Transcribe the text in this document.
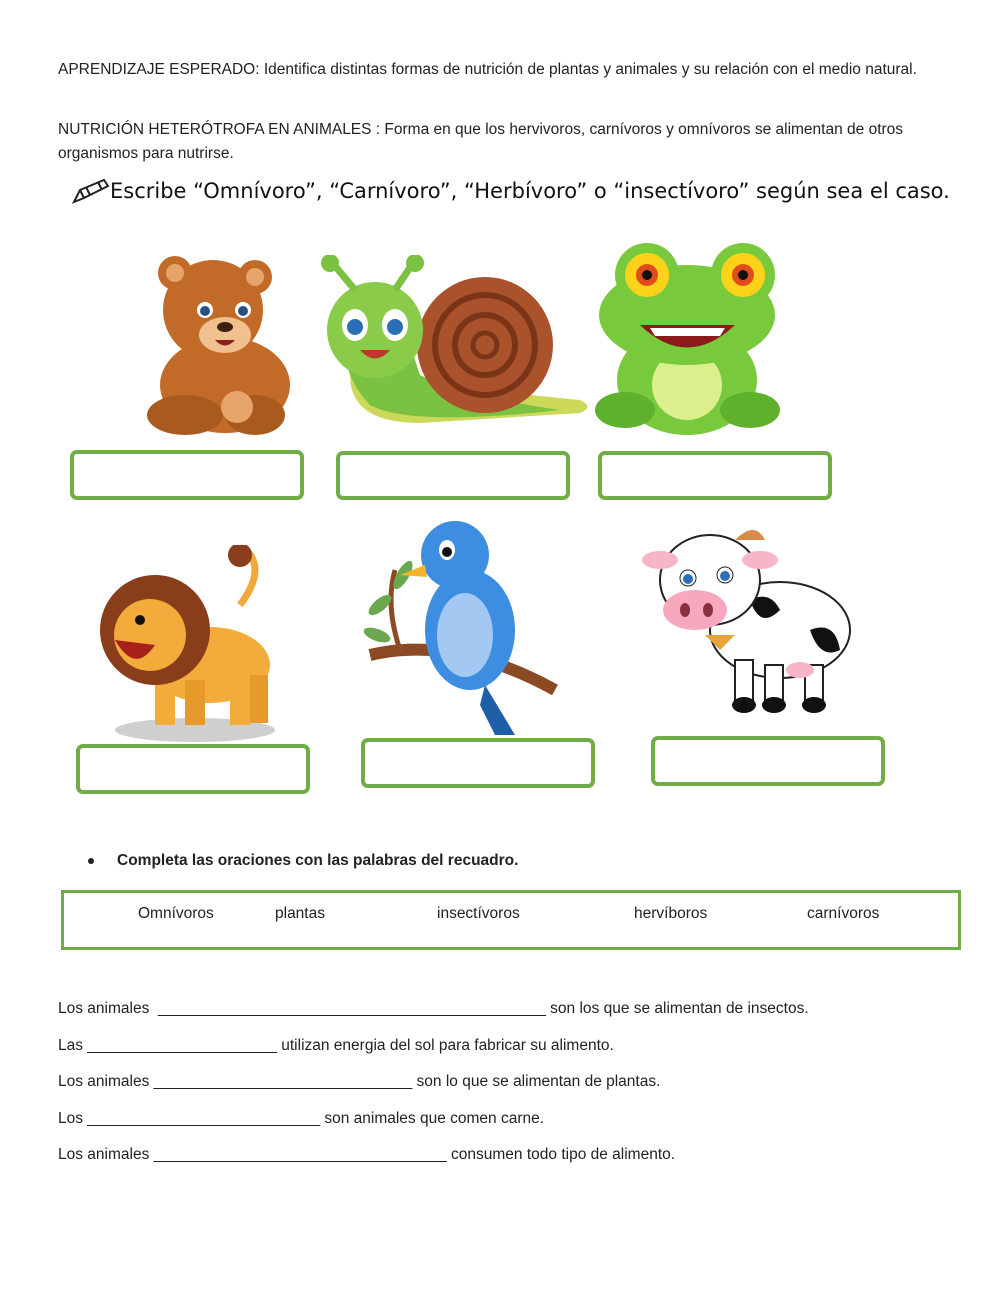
APRENDIZAJE ESPERADO: Identifica distintas formas de nutrición de plantas y animales y su relación con el medio natural.
NUTRICIÓN HETERÓTROFA EN ANIMALES : Forma en que los hervivoros, carnívoros y omnívoros se alimentan de otros organismos para nutrirse.
Escribe “Omnívoro”, “Carnívoro”, “Herbívoro” o “insectívoro” según sea el caso.
Completa las oraciones con las palabras del recuadro.
Omnívoros	plantas	insectívoros	hervíboros	carnívoros
Los animales  _____________________________________________ son los que se alimentan de insectos.
Las ______________________ utilizan energia del sol para fabricar su alimento.
Los animales ______________________________ son lo que se alimentan de plantas.
Los ___________________________ son animales que comen carne.
Los animales __________________________________ consumen todo tipo de alimento.
